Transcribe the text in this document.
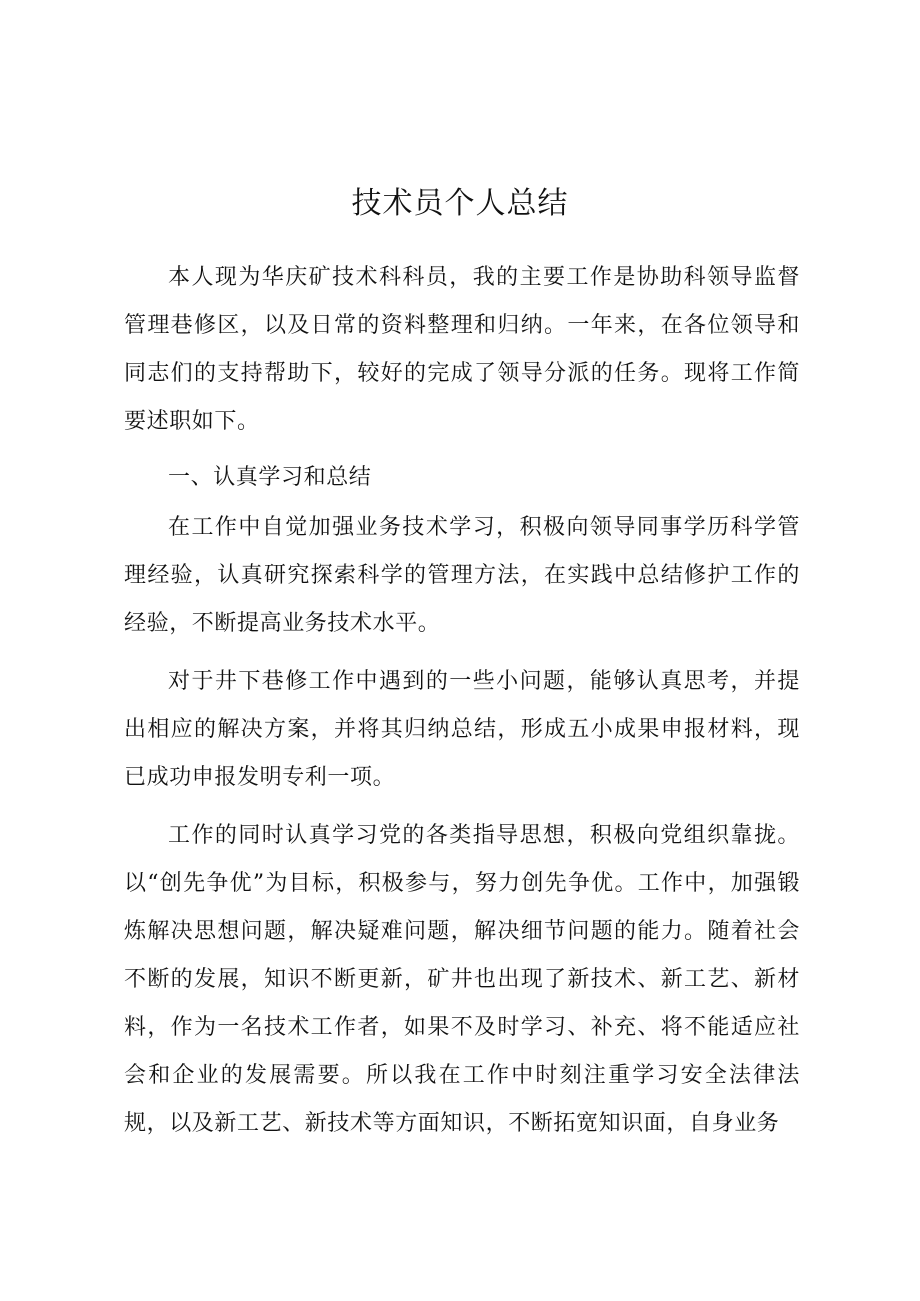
技术员个人总结

本人现为华庆矿技术科科员，我的主要工作是协助科领导监督管理巷修区，以及日常的资料整理和归纳。一年来，在各位领导和同志们的支持帮助下，较好的完成了领导分派的任务。现将工作简要述职如下。

一、认真学习和总结

在工作中自觉加强业务技术学习，积极向领导同事学历科学管理经验，认真研究探索科学的管理方法，在实践中总结修护工作的经验，不断提高业务技术水平。

对于井下巷修工作中遇到的一些小问题，能够认真思考，并提出相应的解决方案，并将其归纳总结，形成五小成果申报材料，现已成功申报发明专利一项。

工作的同时认真学习党的各类指导思想，积极向党组织靠拢。以“创先争优”为目标，积极参与，努力创先争优。工作中，加强锻炼解决思想问题，解决疑难问题，解决细节问题的能力。随着社会不断的发展，知识不断更新，矿井也出现了新技术、新工艺、新材料，作为一名技术工作者，如果不及时学习、补充、将不能适应社会和企业的发展需要。所以我在工作中时刻注重学习安全法律法规，以及新工艺、新技术等方面知识，不断拓宽知识面，自身业务
